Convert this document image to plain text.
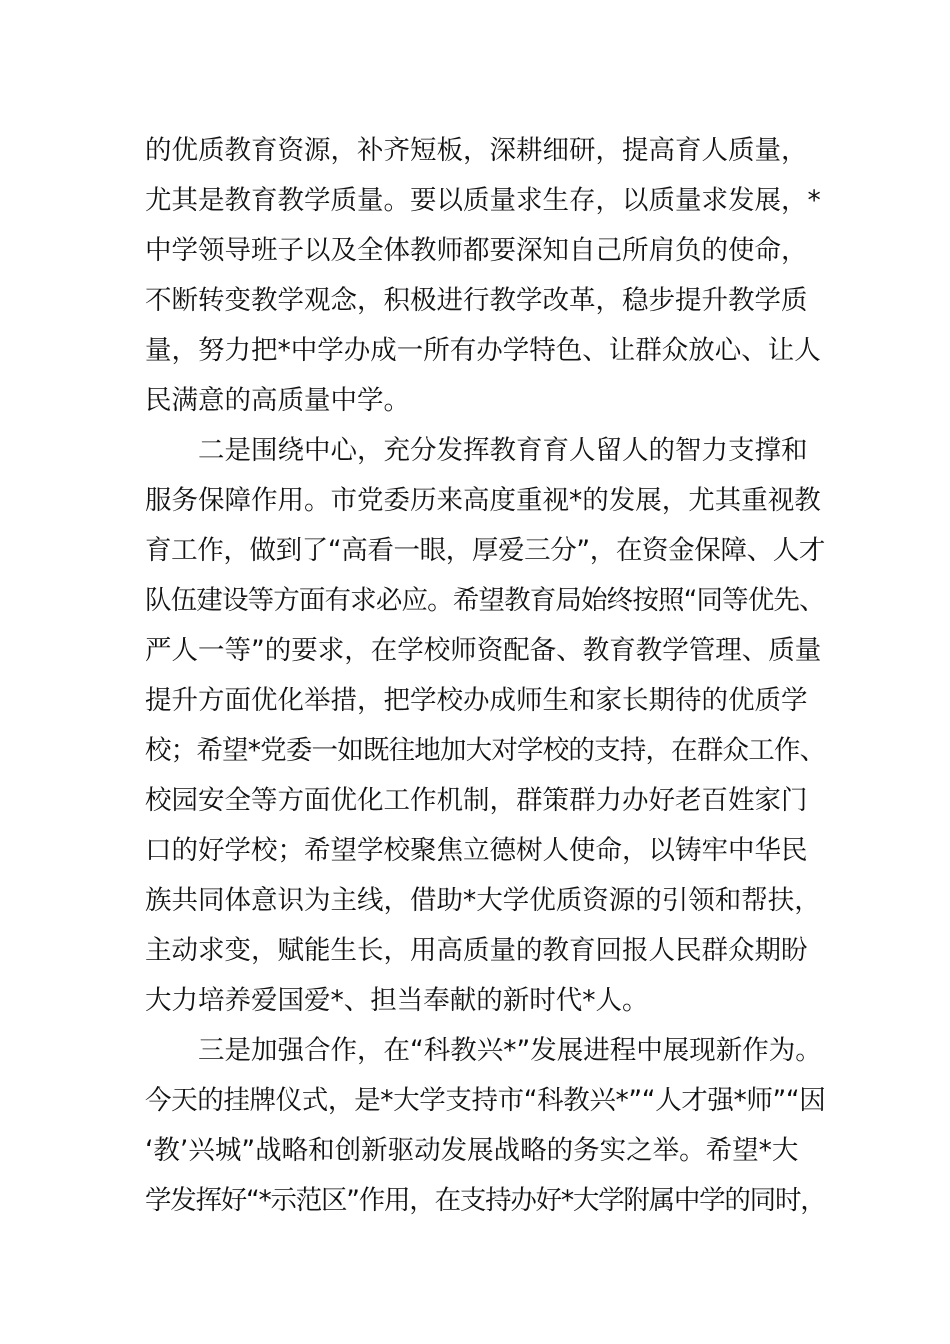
的优质教育资源，补齐短板，深耕细研，提高育人质量，
尤其是教育教学质量。要以质量求生存，以质量求发展，*
中学领导班子以及全体教师都要深知自己所肩负的使命，
不断转变教学观念，积极进行教学改革，稳步提升教学质
量，努力把*中学办成一所有办学特色、让群众放心、让人
民满意的高质量中学。
二是围绕中心，充分发挥教育育人留人的智力支撑和
服务保障作用。市党委历来高度重视*的发展，尤其重视教
育工作，做到了“高看一眼，厚爱三分”，在资金保障、人才
队伍建设等方面有求必应。希望教育局始终按照“同等优先、
严人一等”的要求，在学校师资配备、教育教学管理、质量
提升方面优化举措，把学校办成师生和家长期待的优质学
校；希望*党委一如既往地加大对学校的支持，在群众工作、
校园安全等方面优化工作机制，群策群力办好老百姓家门
口的好学校；希望学校聚焦立德树人使命，以铸牢中华民
族共同体意识为主线，借助*大学优质资源的引领和帮扶，
主动求变，赋能生长，用高质量的教育回报人民群众期盼
大力培养爱国爱*、担当奉献的新时代*人。
三是加强合作，在“科教兴*”发展进程中展现新作为。
今天的挂牌仪式，是*大学支持市“科教兴*”“人才强*师”“因
‘教’兴城”战略和创新驱动发展战略的务实之举。希望*大
学发挥好“*示范区”作用，在支持办好*大学附属中学的同时，
